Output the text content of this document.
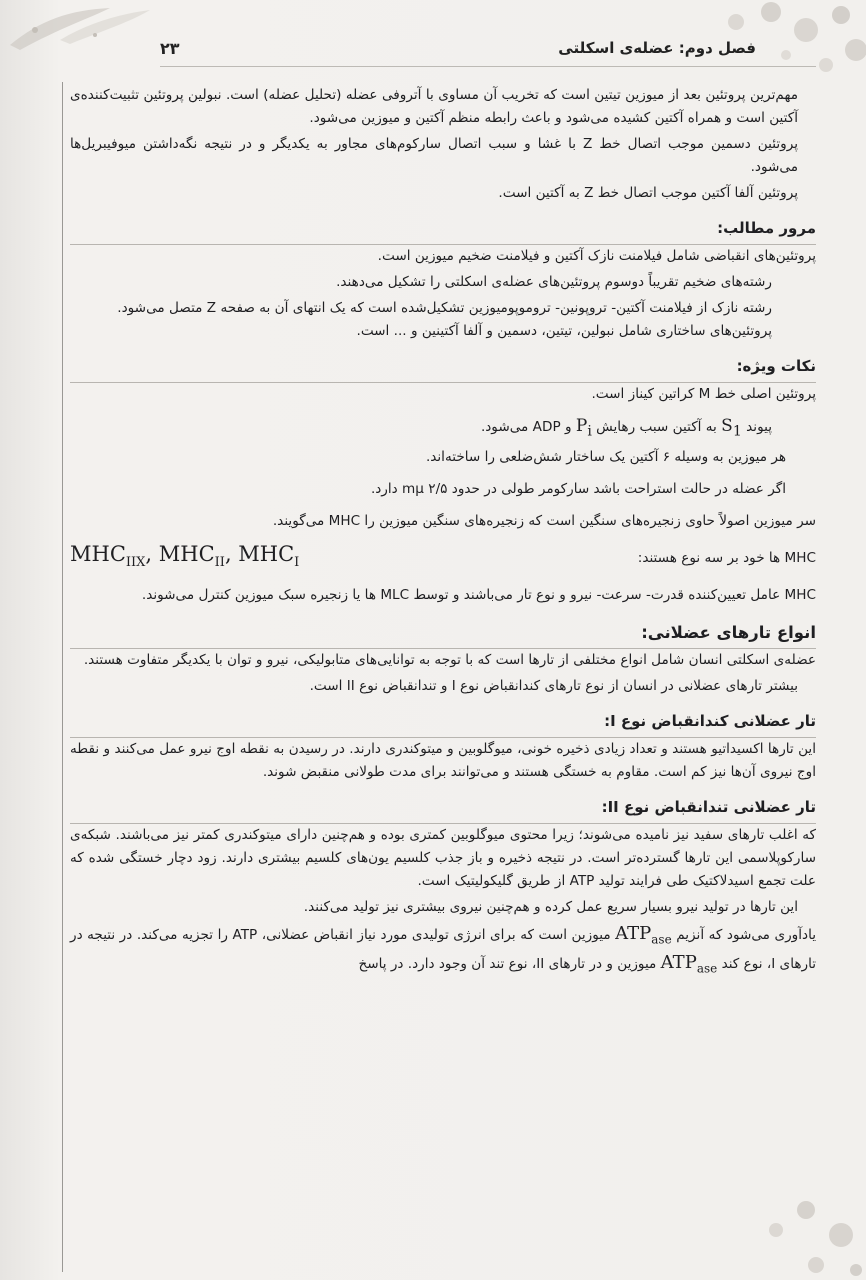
فصل دوم: عضله‌ی اسکلتی
۲۳

مهم‌ترین پروتئین بعد از میوزین تیتین است که تخریب آن مساوی با آتروفی عضله (تحلیل عضله) است. نبولین پروتئین تثبیت‌کننده‌ی آکتین است و همراه آکتین کشیده می‌شود و باعث رابطه منظم آکتین و میوزین می‌شود.

پروتئین دسمین موجب اتصال خط Z با غشا و سبب اتصال سارکوم‌های مجاور به یکدیگر و در نتیجه نگه‌داشتن میوفیبریل‌ها می‌شود.

پروتئین آلفا آکتین موجب اتصال خط Z به آکتین است.

مرور مطالب:

پروتئین‌های انقباضی شامل فیلامنت نازک آکتین و فیلامنت ضخیم میوزین است.

رشته‌های ضخیم تقریباً دوسوم پروتئین‌های عضله‌ی اسکلتی را تشکیل می‌دهند.

رشته نازک از فیلامنت آکتین- تروپونین- تروموپومیوزین تشکیل‌شده است که یک انتهای آن به صفحه Z متصل می‌شود.

پروتئین‌های ساختاری شامل نبولین، تیتین، دسمین و آلفا آکتینین و ... است.

نکات ویژه:

پروتئین اصلی خط M کراتین کیناز است.

پیوند $S_1$ به آکتین سبب رهایش $P_i$ و ADP می‌شود.

هر میوزین به وسیله ۶ آکتین یک ساختار شش‌ضلعی را ساخته‌اند.

اگر عضله در حالت استراحت باشد سارکومر طولی در حدود ۲/۵ mμ دارد.

سر میوزین اصولاً حاوی زنجیره‌های سنگین است که زنجیره‌های سنگین میوزین را MHC می‌گویند.

MHC ها خود بر سه نوع هستند:
$MHC_{IIX}$, $MHC_{II}$, $MHC_I$

MHC عامل تعیین‌کننده قدرت- سرعت- نیرو و نوع تار می‌باشند و توسط MLC ها یا زنجیره سبک میوزین کنترل می‌شوند.

انواع تارهای عضلانی:

عضله‌ی اسکلتی انسان شامل انواع مختلفی از تارها است که با توجه به توانایی‌های متابولیکی، نیرو و توان با یکدیگر متفاوت هستند.

بیشتر تارهای عضلانی در انسان از نوع تارهای کندانقباض نوع I و تندانقباض نوع II است.

تار عضلانی کندانقباض نوع I:

این تارها اکسیداتیو هستند و تعداد زیادی ذخیره خونی، میوگلوبین و میتوکندری دارند. در رسیدن به نقطه اوج نیرو عمل می‌کنند و نقطه اوج نیروی آن‌ها نیز کم است. مقاوم به خستگی هستند و می‌توانند برای مدت طولانی منقبض شوند.

تار عضلانی تندانقباض نوع II:

که اغلب تارهای سفید نیز نامیده می‌شوند؛ زیرا محتوی میوگلوبین کمتری بوده و هم‌چنین دارای میتوکندری کمتر نیز می‌باشند. شبکه‌ی سارکوپلاسمی این تارها گسترده‌تر است. در نتیجه ذخیره و باز جذب کلسیم یون‌های کلسیم بیشتری دارند. زود دچار خستگی شده که علت تجمع اسیدلاکتیک طی فرایند تولید ATP از طریق گلیکولیتیک است.

این تارها در تولید نیرو بسیار سریع عمل کرده و هم‌چنین نیروی بیشتری نیز تولید می‌کنند.

یادآوری می‌شود که آنزیم $ATP_{ase}$ میوزین است که برای انرژی تولیدی مورد نیاز انقباض عضلانی، ATP را تجزیه می‌کند. در نتیجه در تارهای I، نوع کند $ATP_{ase}$ میوزین و در تارهای II، نوع تند آن وجود دارد. در پاسخ
